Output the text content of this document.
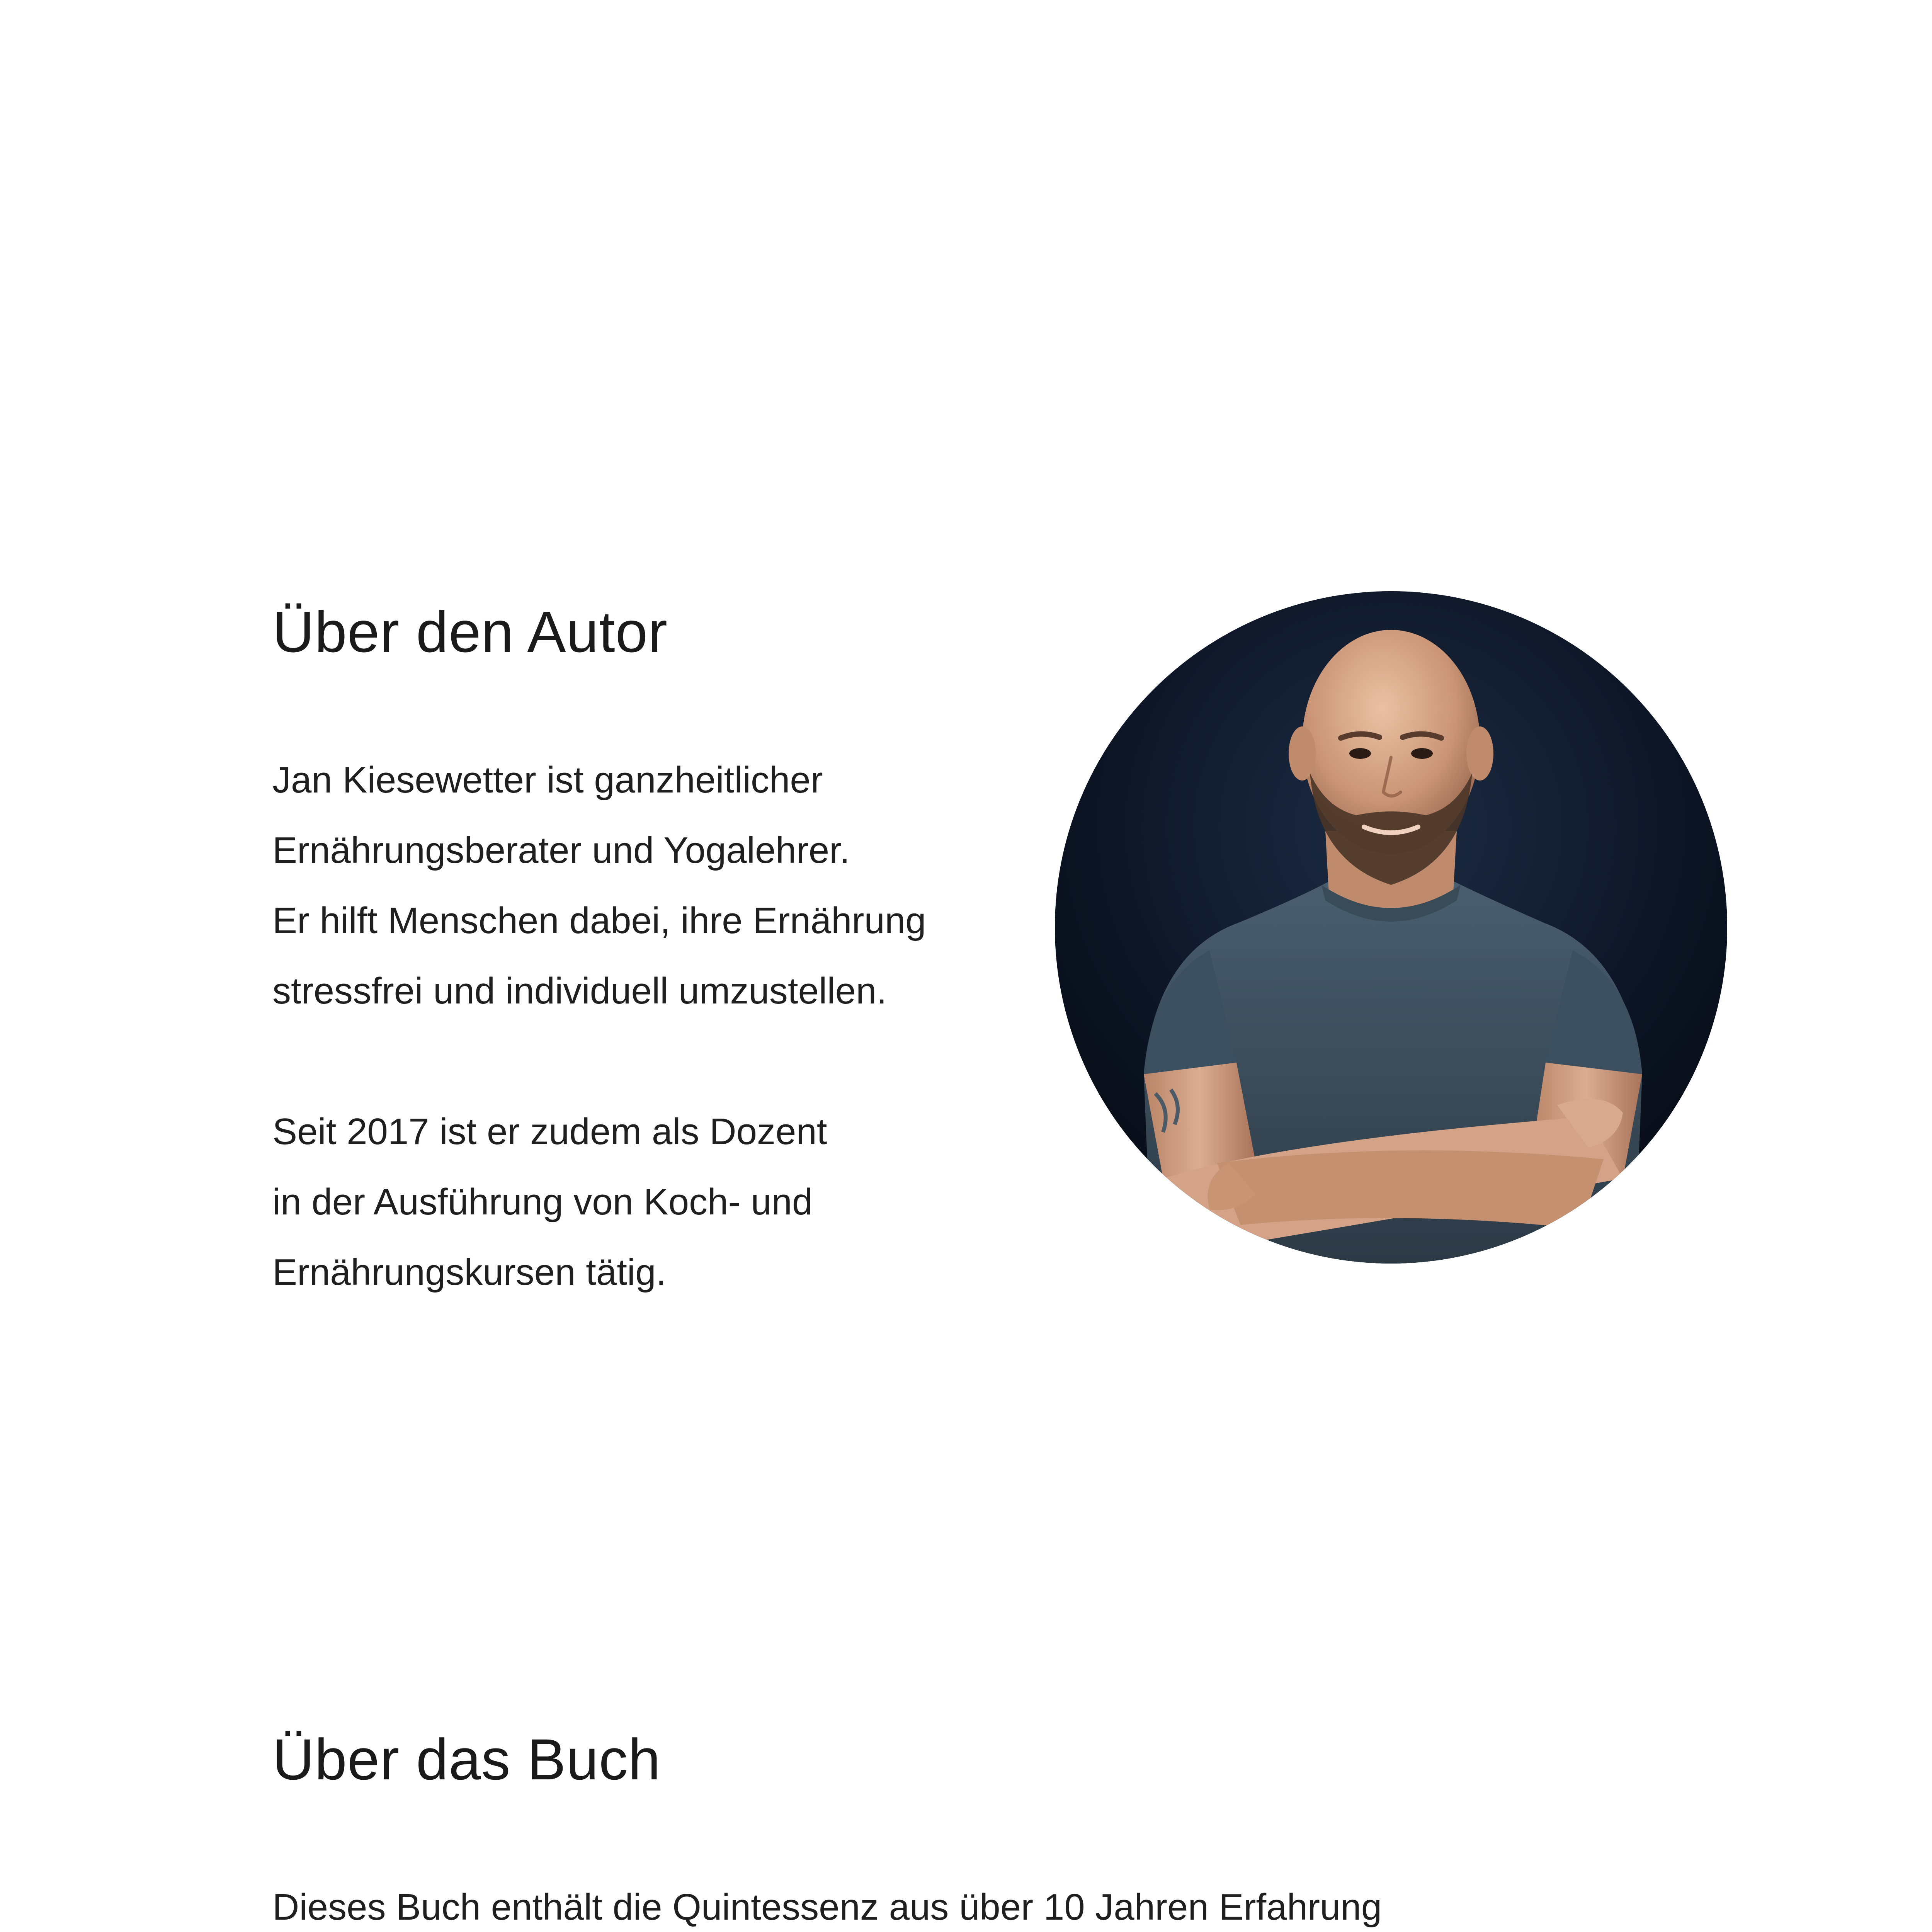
Über den Autor
Jan Kiesewetter ist ganzheitlicher
Ernährungsberater und Yogalehrer.
Er hilft Menschen dabei, ihre Ernährung
stressfrei und individuell umzustellen.
Seit 2017 ist er zudem als Dozent
in der Ausführung von Koch- und
Ernährungskursen tätig.
Über das Buch
Dieses Buch enthält die Quintessenz aus über 10 Jahren Erfahrung
